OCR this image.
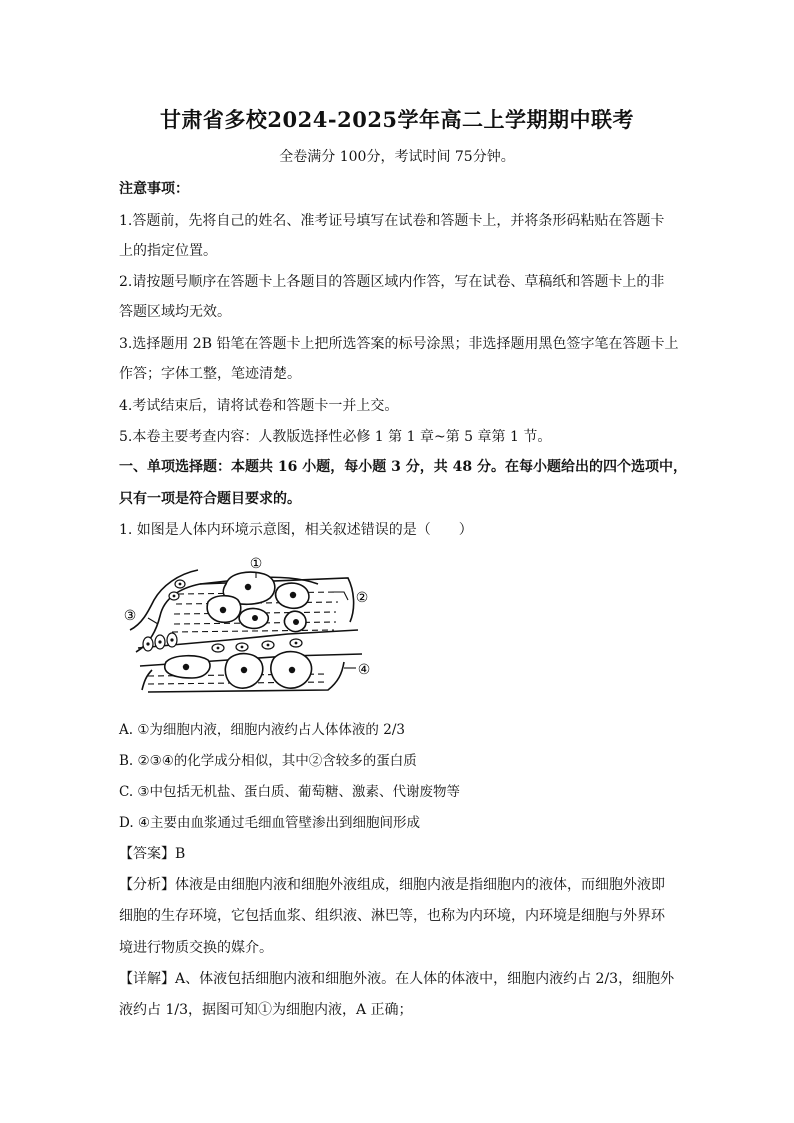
甘肃省多校2024-2025学年高二上学期期中联考
全卷满分 100分，考试时间 75分钟。
注意事项：
1.答题前，先将自己的姓名、准考证号填写在试卷和答题卡上，并将条形码粘贴在答题卡
上的指定位置。
2.请按题号顺序在答题卡上各题目的答题区域内作答，写在试卷、草稿纸和答题卡上的非
答题区域均无效。
3.选择题用 2B 铅笔在答题卡上把所选答案的标号涂黑；非选择题用黑色签字笔在答题卡上
作答；字体工整，笔迹清楚。
4.考试结束后，请将试卷和答题卡一并上交。
5.本卷主要考查内容：人教版选择性必修 1 第 1 章~第 5 章第 1 节。
一、单项选择题：本题共 16 小题，每小题 3 分，共 48 分。在每小题给出的四个选项中，
只有一项是符合题目要求的。
1. 如图是人体内环境示意图，相关叙述错误的是（　　）
①
②
③
④
A. ①为细胞内液，细胞内液约占人体体液的 2/3
B. ②③④的化学成分相似，其中②含较多的蛋白质
C. ③中包括无机盐、蛋白质、葡萄糖、激素、代谢废物等
D. ④主要由血浆通过毛细血管壁渗出到细胞间形成
【答案】B
【分析】体液是由细胞内液和细胞外液组成，细胞内液是指细胞内的液体，而细胞外液即
细胞的生存环境，它包括血浆、组织液、淋巴等，也称为内环境，内环境是细胞与外界环
境进行物质交换的媒介。
【详解】A、体液包括细胞内液和细胞外液。在人体的体液中，细胞内液约占 2/3，细胞外
液约占 1/3，据图可知①为细胞内液，A 正确；
